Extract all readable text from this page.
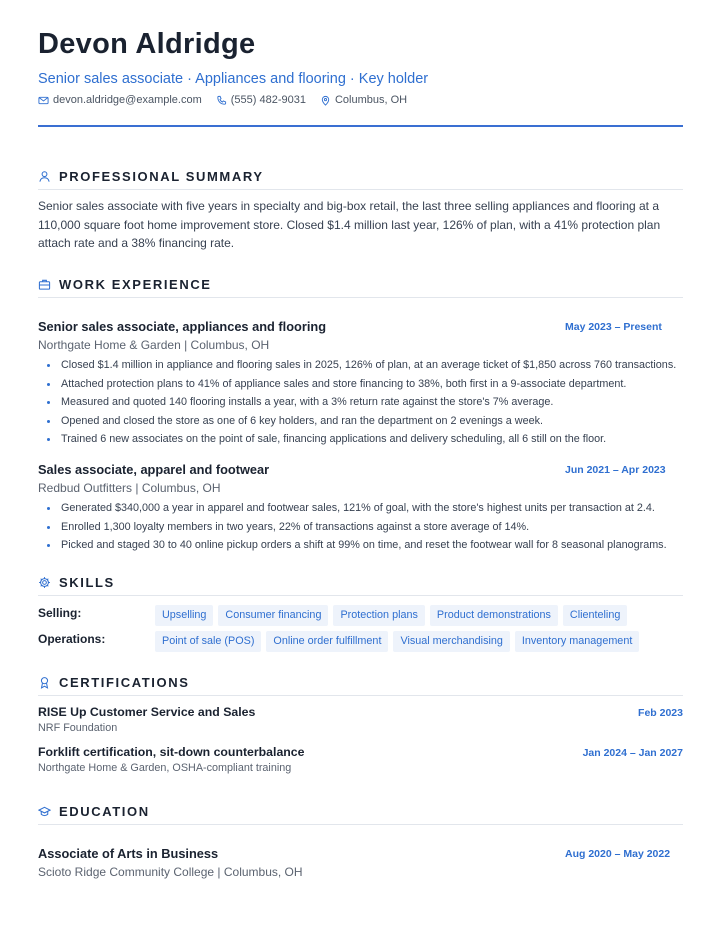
Devon Aldridge
Senior sales associate · Appliances and flooring · Key holder
devon.aldridge@example.com	(555) 482-9031	Columbus, OH
PROFESSIONAL SUMMARY

Senior sales associate with five years in specialty and big-box retail, the last three selling appliances and flooring at a 110,000 square foot home improvement store. Closed $1.4 million last year, 126% of plan, with a 41% protection plan attach rate and a 38% financing rate.

WORK EXPERIENCE
Senior sales associate, appliances and flooring	May 2023 – Present
Northgate Home & Garden | Columbus, OH
Closed $1.4 million in appliance and flooring sales in 2025, 126% of plan, at an average ticket of $1,850 across 760 transactions.
Attached protection plans to 41% of appliance sales and store financing to 38%, both first in a 9-associate department.
Measured and quoted 140 flooring installs a year, with a 3% return rate against the store's 7% average.
Opened and closed the store as one of 6 key holders, and ran the department on 2 evenings a week.
Trained 6 new associates on the point of sale, financing applications and delivery scheduling, all 6 still on the floor.
Sales associate, apparel and footwear	Jun 2021 – Apr 2023
Redbud Outfitters | Columbus, OH
Generated $340,000 a year in apparel and footwear sales, 121% of goal, with the store's highest units per transaction at 2.4.
Enrolled 1,300 loyalty members in two years, 22% of transactions against a store average of 14%.
Picked and staged 30 to 40 online pickup orders a shift at 99% on time, and reset the footwear wall for 8 seasonal planograms.
SKILLS
Selling:	Upselling	Consumer financing	Protection plans	Product demonstrations	Clienteling
Operations:	Point of sale (POS)	Online order fulfillment	Visual merchandising	Inventory management
CERTIFICATIONS
RISE Up Customer Service and Sales	Feb 2023
NRF Foundation
Forklift certification, sit-down counterbalance	Jan 2024 – Jan 2027
Northgate Home & Garden, OSHA-compliant training
EDUCATION
Associate of Arts in Business	Aug 2020 – May 2022
Scioto Ridge Community College | Columbus, OH
